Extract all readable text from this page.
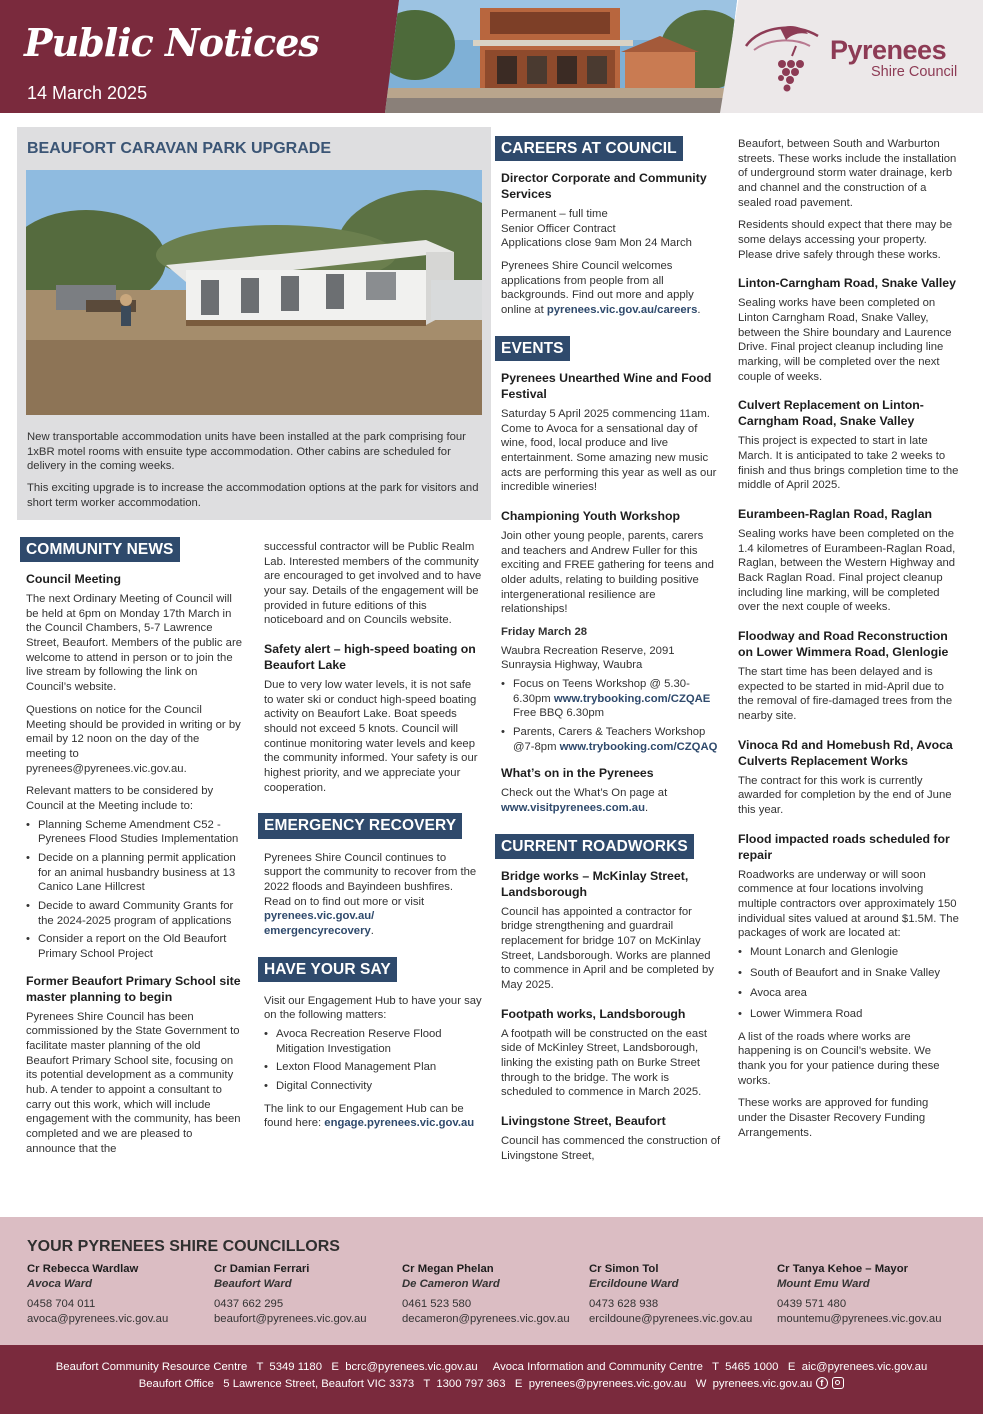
Public Notices
14 March 2025
Pyrenees
Shire Council
BEAUFORT CARAVAN PARK UPGRADE

New transportable accommodation units have been installed at the park comprising four 1xBR motel rooms with ensuite type accommodation. Other cabins are scheduled for delivery in the coming weeks.

This exciting upgrade is to increase the accommodation options at the park for visitors and short term worker accommodation.

COMMUNITY NEWS
Council Meeting

The next Ordinary Meeting of Council will be held at 6pm on Monday 17th March in the Council Chambers, 5-7 Lawrence Street, Beaufort. Members of the public are welcome to attend in person or to join the live stream by following the link on Council’s website.

Questions on notice for the Council Meeting should be provided in writing or by email by 12 noon on the day of the meeting to pyrenees@pyrenees.vic.gov.au.

Relevant matters to be considered by Council at the Meeting include to:

• Planning Scheme Amendment C52 - Pyrenees Flood Studies Implementation
• Decide on a planning permit application for an animal husbandry business at 13 Canico Lane Hillcrest
• Decide to award Community Grants for the 2024-2025 program of applications
• Consider a report on the Old Beaufort Primary School Project
Former Beaufort Primary School site master planning to begin

Pyrenees Shire Council has been commissioned by the State Government to facilitate master planning of the old Beaufort Primary School site, focusing on its potential development as a community hub. A tender to appoint a consultant to carry out this work, which will include engagement with the community, has been completed and we are pleased to announce that the

successful contractor will be Public Realm Lab. Interested members of the community are encouraged to get involved and to have your say. Details of the engagement will be provided in future editions of this noticeboard and on Councils website.

Safety alert – high-speed boating on Beaufort Lake

Due to very low water levels, it is not safe to water ski or conduct high-speed boating activity on Beaufort Lake. Boat speeds should not exceed 5 knots. Council will continue monitoring water levels and keep the community informed. Your safety is our highest priority, and we appreciate your cooperation.

EMERGENCY RECOVERY

Pyrenees Shire Council continues to support the community to recover from the 2022 floods and Bayindeen bushfires. Read on to find out more or visit pyrenees.vic.gov.au/ emergencyrecovery.

HAVE YOUR SAY

Visit our Engagement Hub to have your say on the following matters:

• Avoca Recreation Reserve Flood Mitigation Investigation
• Lexton Flood Management Plan
• Digital Connectivity

The link to our Engagement Hub can be found here: engage.pyrenees.vic.gov.au

CAREERS AT COUNCIL
Director Corporate and Community Services
Permanent – full time
Senior Officer Contract
Applications close 9am Mon 24 March

Pyrenees Shire Council welcomes applications from people from all backgrounds. Find out more and apply online at pyrenees.vic.gov.au/careers.

EVENTS
Pyrenees Unearthed Wine and Food Festival

Saturday 5 April 2025 commencing 11am. Come to Avoca for a sensational day of wine, food, local produce and live entertainment. Some amazing new music acts are performing this year as well as our incredible wineries!

Championing Youth Workshop

Join other young people, parents, carers and teachers and Andrew Fuller for this exciting and FREE gathering for teens and older adults, relating to building positive intergenerational resilience are relationships!

Friday March 28

Waubra Recreation Reserve, 2091 Sunraysia Highway, Waubra

• Focus on Teens Workshop @ 5.30-6.30pm www.trybooking.com/CZQAE Free BBQ 6.30pm
• Parents, Carers & Teachers Workshop @7-8pm www.trybooking.com/CZQAQ
What’s on in the Pyrenees

Check out the What’s On page at www.visitpyrenees.com.au.

CURRENT ROADWORKS
Bridge works – McKinlay Street, Landsborough

Council has appointed a contractor for bridge strengthening and guardrail replacement for bridge 107 on McKinlay Street, Landsborough. Works are planned to commence in April and be completed by May 2025.

Footpath works, Landsborough

A footpath will be constructed on the east side of McKinley Street, Landsborough, linking the existing path on Burke Street through to the bridge. The work is scheduled to commence in March 2025.

Livingstone Street, Beaufort

Council has commenced the construction of Livingstone Street,

Beaufort, between South and Warburton streets. These works include the installation of underground storm water drainage, kerb and channel and the construction of a sealed road pavement.

Residents should expect that there may be some delays accessing your property. Please drive safely through these works.

Linton-Carngham Road, Snake Valley

Sealing works have been completed on Linton Carngham Road, Snake Valley, between the Shire boundary and Laurence Drive. Final project cleanup including line marking, will be completed over the next couple of weeks.

Culvert Replacement on Linton-Carngham Road, Snake Valley

This project is expected to start in late March. It is anticipated to take 2 weeks to finish and thus brings completion time to the middle of April 2025.

Eurambeen-Raglan Road, Raglan

Sealing works have been completed on the 1.4 kilometres of Eurambeen-Raglan Road, Raglan, between the Western Highway and Back Raglan Road. Final project cleanup including line marking, will be completed over the next couple of weeks.

Floodway and Road Reconstruction on Lower Wimmera Road, Glenlogie

The start time has been delayed and is expected to be started in mid-April due to the removal of fire-damaged trees from the nearby site.

Vinoca Rd and Homebush Rd, Avoca Culverts Replacement Works

The contract for this work is currently awarded for completion by the end of June this year.

Flood impacted roads scheduled for repair

Roadworks are underway or will soon commence at four locations involving multiple contractors over approximately 150 individual sites valued at around $1.5M. The packages of work are located at:

• Mount Lonarch and Glenlogie
• South of Beaufort and in Snake Valley
• Avoca area
• Lower Wimmera Road

A list of the roads where works are happening is on Council’s website. We thank you for your patience during these works.

These works are approved for funding under the Disaster Recovery Funding Arrangements.

YOUR PYRENEES SHIRE COUNCILLORS
Cr Rebecca Wardlaw
Avoca Ward
0458 704 011
avoca@pyrenees.vic.gov.au
Cr Damian Ferrari
Beaufort Ward
0437 662 295
beaufort@pyrenees.vic.gov.au
Cr Megan Phelan
De Cameron Ward
0461 523 580
decameron@pyrenees.vic.gov.au
Cr Simon Tol
Ercildoune Ward
0473 628 938
ercildoune@pyrenees.vic.gov.au
Cr Tanya Kehoe – Mayor
Mount Emu Ward
0439 571 480
mountemu@pyrenees.vic.gov.au
Beaufort Community Resource Centre   T  5349 1180   E  bcrc@pyrenees.vic.gov.au     Avoca Information and Community Centre   T  5465 1000   E  aic@pyrenees.vic.gov.au
Beaufort Office   5 Lawrence Street, Beaufort VIC 3373   T  1300 797 363   E  pyrenees@pyrenees.vic.gov.au   W  pyrenees.vic.gov.au f
